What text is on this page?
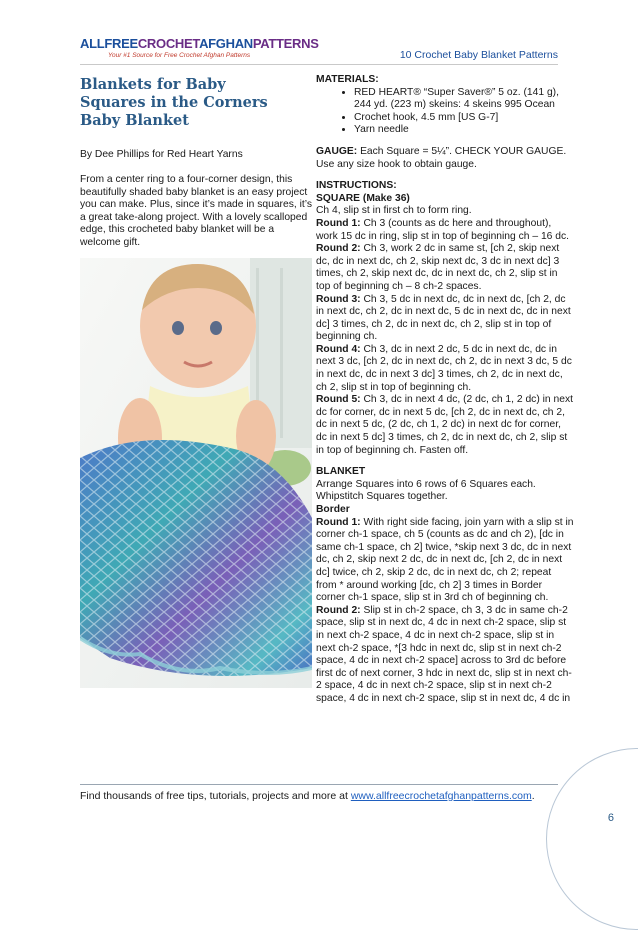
ALLFREECROCHETAFGHANPATTERNS
Your #1 Source for Free Crochet Afghan Patterns	10 Crochet Baby Blanket Patterns
Blankets for Baby
Squares in the Corners Baby Blanket
By Dee Phillips for Red Heart Yarns
From a center ring to a four-corner design, this beautifully shaded baby blanket is an easy project you can make. Plus, since it’s made in squares, it’s a great take-along project. With a lovely scalloped edge, this crocheted baby blanket will be a welcome gift.

MATERIALS:

• RED HEART® “Super Saver®” 5 oz. (141 g), 244 yd. (223 m) skeins: 4 skeins 995 Ocean
• Crochet hook, 4.5 mm [US G-7]
• Yarn needle

GAUGE: Each Square = 5¼”. CHECK YOUR GAUGE. Use any size hook to obtain gauge.

INSTRUCTIONS:

SQUARE (Make 36)

Ch 4, slip st in first ch to form ring.

Round 1: Ch 3 (counts as dc here and throughout), work 15 dc in ring, slip st in top of beginning ch – 16 dc.

Round 2: Ch 3, work 2 dc in same st, [ch 2, skip next dc, dc in next dc, ch 2, skip next dc, 3 dc in next dc] 3 times, ch 2, skip next dc, dc in next dc, ch 2, slip st in top of beginning ch – 8 ch-2 spaces.

Round 3: Ch 3, 5 dc in next dc, dc in next dc, [ch 2, dc in next dc, ch 2, dc in next dc, 5 dc in next dc, dc in next dc] 3 times, ch 2, dc in next dc, ch 2, slip st in top of beginning ch.

Round 4: Ch 3, dc in next 2 dc, 5 dc in next dc, dc in next 3 dc, [ch 2, dc in next dc, ch 2, dc in next 3 dc, 5 dc in next dc, dc in next 3 dc] 3 times, ch 2, dc in next dc, ch 2, slip st in top of beginning ch.

Round 5: Ch 3, dc in next 4 dc, (2 dc, ch 1, 2 dc) in next dc for corner, dc in next 5 dc, [ch 2, dc in next dc, ch 2, dc in next 5 dc, (2 dc, ch 1, 2 dc) in next dc for corner, dc in next 5 dc] 3 times, ch 2, dc in next dc, ch 2, slip st in top of beginning ch. Fasten off.

BLANKET

Arrange Squares into 6 rows of 6 Squares each. Whipstitch Squares together.

Border

Round 1: With right side facing, join yarn with a slip st in corner ch-1 space, ch 5 (counts as dc and ch 2), [dc in same ch-1 space, ch 2] twice, *skip next 3 dc, dc in next dc, ch 2, skip next 2 dc, dc in next dc, [ch 2, dc in next dc] twice, ch 2, skip 2 dc, dc in next dc, ch 2; repeat from * around working [dc, ch 2] 3 times in Border corner ch-1 space, slip st in 3rd ch of beginning ch.

Round 2: Slip st in ch-2 space, ch 3, 3 dc in same ch-2 space, slip st in next dc, 4 dc in next ch-2 space, slip st in next ch-2 space, 4 dc in next ch-2 space, slip st in next ch-2 space, *[3 hdc in next dc, slip st in next ch-2 space, 4 dc in next ch-2 space] across to 3rd dc before first dc of next corner, 3 hdc in next dc, slip st in next ch-2 space, 4 dc in next ch-2 space, slip st in next ch-2 space, 4 dc in next ch-2 space, slip st in next dc, 4 dc in

Find thousands of free tips, tutorials, projects and more at www.allfreecrochetafghanpatterns.com.
6
